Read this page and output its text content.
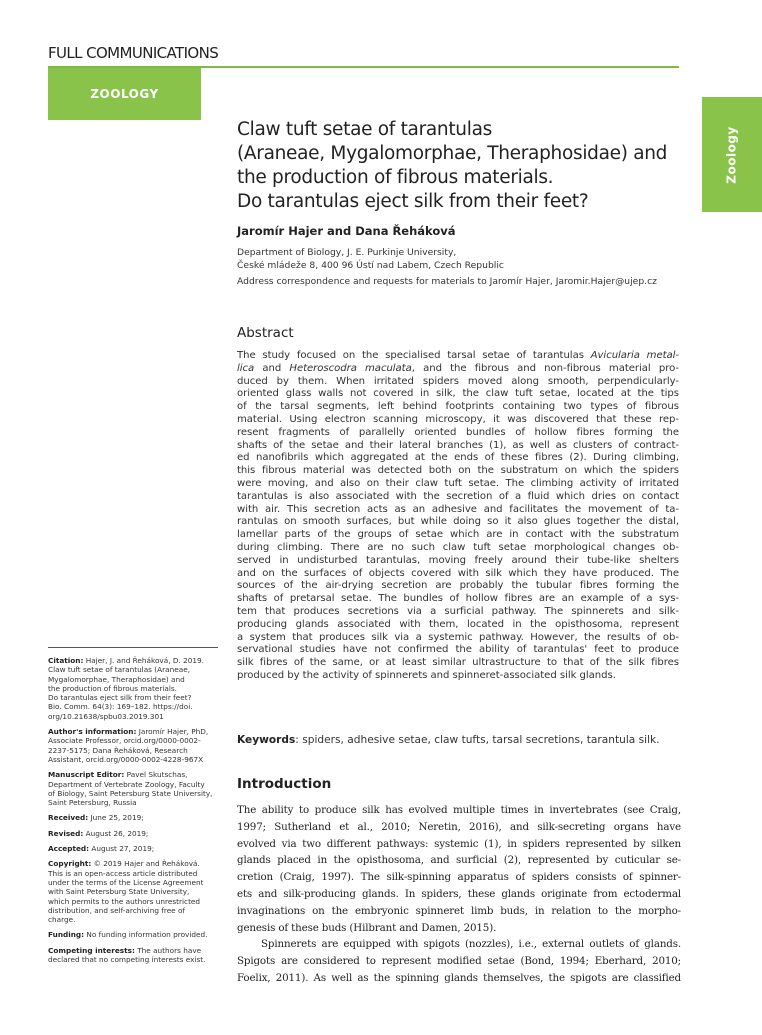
FULL COMMUNICATIONS
ZOOLOGY
Zoology
Claw tuft setae of tarantulas
(Araneae, Mygalomorphae, Theraphosidae) and
the production of fibrous materials.
Do tarantulas eject silk from their feet?
Jaromír Hajer and Dana Řeháková
Department of Biology, J. E. Purkinje University,
České mládeže 8, 400 96 Ústí nad Labem, Czech Republic
Address correspondence and requests for materials to Jaromír Hajer, Jaromir.Hajer@ujep.cz
Abstract
The study focused on the specialised tarsal setae of tarantulas Avicularia metal-
lica and Heteroscodra maculata, and the fibrous and non-fibrous material pro-
duced by them. When irritated spiders moved along smooth, perpendicularly-
oriented glass walls not covered in silk, the claw tuft setae, located at the tips
of the tarsal segments, left behind footprints containing two types of fibrous
material. Using electron scanning microscopy, it was discovered that these rep-
resent fragments of parallelly oriented bundles of hollow fibres forming the
shafts of the setae and their lateral branches (1), as well as clusters of contract-
ed nanofibrils which aggregated at the ends of these fibres (2). During climbing,
this fibrous material was detected both on the substratum on which the spiders
were moving, and also on their claw tuft setae. The climbing activity of irritated
tarantulas is also associated with the secretion of a fluid which dries on contact
with air. This secretion acts as an adhesive and facilitates the movement of ta-
rantulas on smooth surfaces, but while doing so it also glues together the distal,
lamellar parts of the groups of setae which are in contact with the substratum
during climbing. There are no such claw tuft setae morphological changes ob-
served in undisturbed tarantulas, moving freely around their tube-like shelters
and on the surfaces of objects covered with silk which they have produced. The
sources of the air-drying secretion are probably the tubular fibres forming the
shafts of pretarsal setae. The bundles of hollow fibres are an example of a sys-
tem that produces secretions via a surficial pathway. The spinnerets and silk-
producing glands associated with them, located in the opisthosoma, represent
a system that produces silk via a systemic pathway. However, the results of ob-
servational studies have not confirmed the ability of tarantulas' feet to produce
silk fibres of the same, or at least similar ultrastructure to that of the silk fibres
produced by the activity of spinnerets and spinneret-associated silk glands.
Keywords: spiders, adhesive setae, claw tufts, tarsal secretions, tarantula silk.
Introduction
The ability to produce silk has evolved multiple times in invertebrates (see Craig,
1997; Sutherland et al., 2010; Neretin, 2016), and silk-secreting organs have
evolved via two different pathways: systemic (1), in spiders represented by silken
glands placed in the opisthosoma, and surficial (2), represented by cuticular se-
cretion (Craig, 1997). The silk-spinning apparatus of spiders consists of spinner-
ets and silk-producing glands. In spiders, these glands originate from ectodermal
invaginations on the embryonic spinneret limb buds, in relation to the morpho-
genesis of these buds (Hilbrant and Damen, 2015).
Spinnerets are equipped with spigots (nozzles), i.e., external outlets of glands.
Spigots are considered to represent modified setae (Bond, 1994; Eberhard, 2010;
Foelix, 2011). As well as the spinning glands themselves, the spigots are classified
Citation: Hajer, J. and Řeháková, D. 2019.
Claw tuft setae of tarantulas (Araneae,
Mygalomorphae, Theraphosidae) and
the production of fibrous materials.
Do tarantulas eject silk from their feet?
Bio. Comm. 64(3): 169–182. https://doi.
org/10.21638/spbu03.2019.301
Author's information: Jaromír Hajer, PhD,
Associate Professor, orcid.org/0000-0002-
2237-5175; Dana Řeháková, Research
Assistant, orcid.org/0000-0002-4228-967X
Manuscript Editor: Pavel Skutschas,
Department of Vertebrate Zoology, Faculty
of Biology, Saint Petersburg State University,
Saint Petersburg, Russia
Received: June 25, 2019;
Revised: August 26, 2019;
Accepted: August 27, 2019;
Copyright: © 2019 Hajer and Řeháková.
This is an open-access article distributed
under the terms of the License Agreement
with Saint Petersburg State University,
which permits to the authors unrestricted
distribution, and self-archiving free of
charge.
Funding: No funding information provided.
Competing interests: The authors have
declared that no competing interests exist.
